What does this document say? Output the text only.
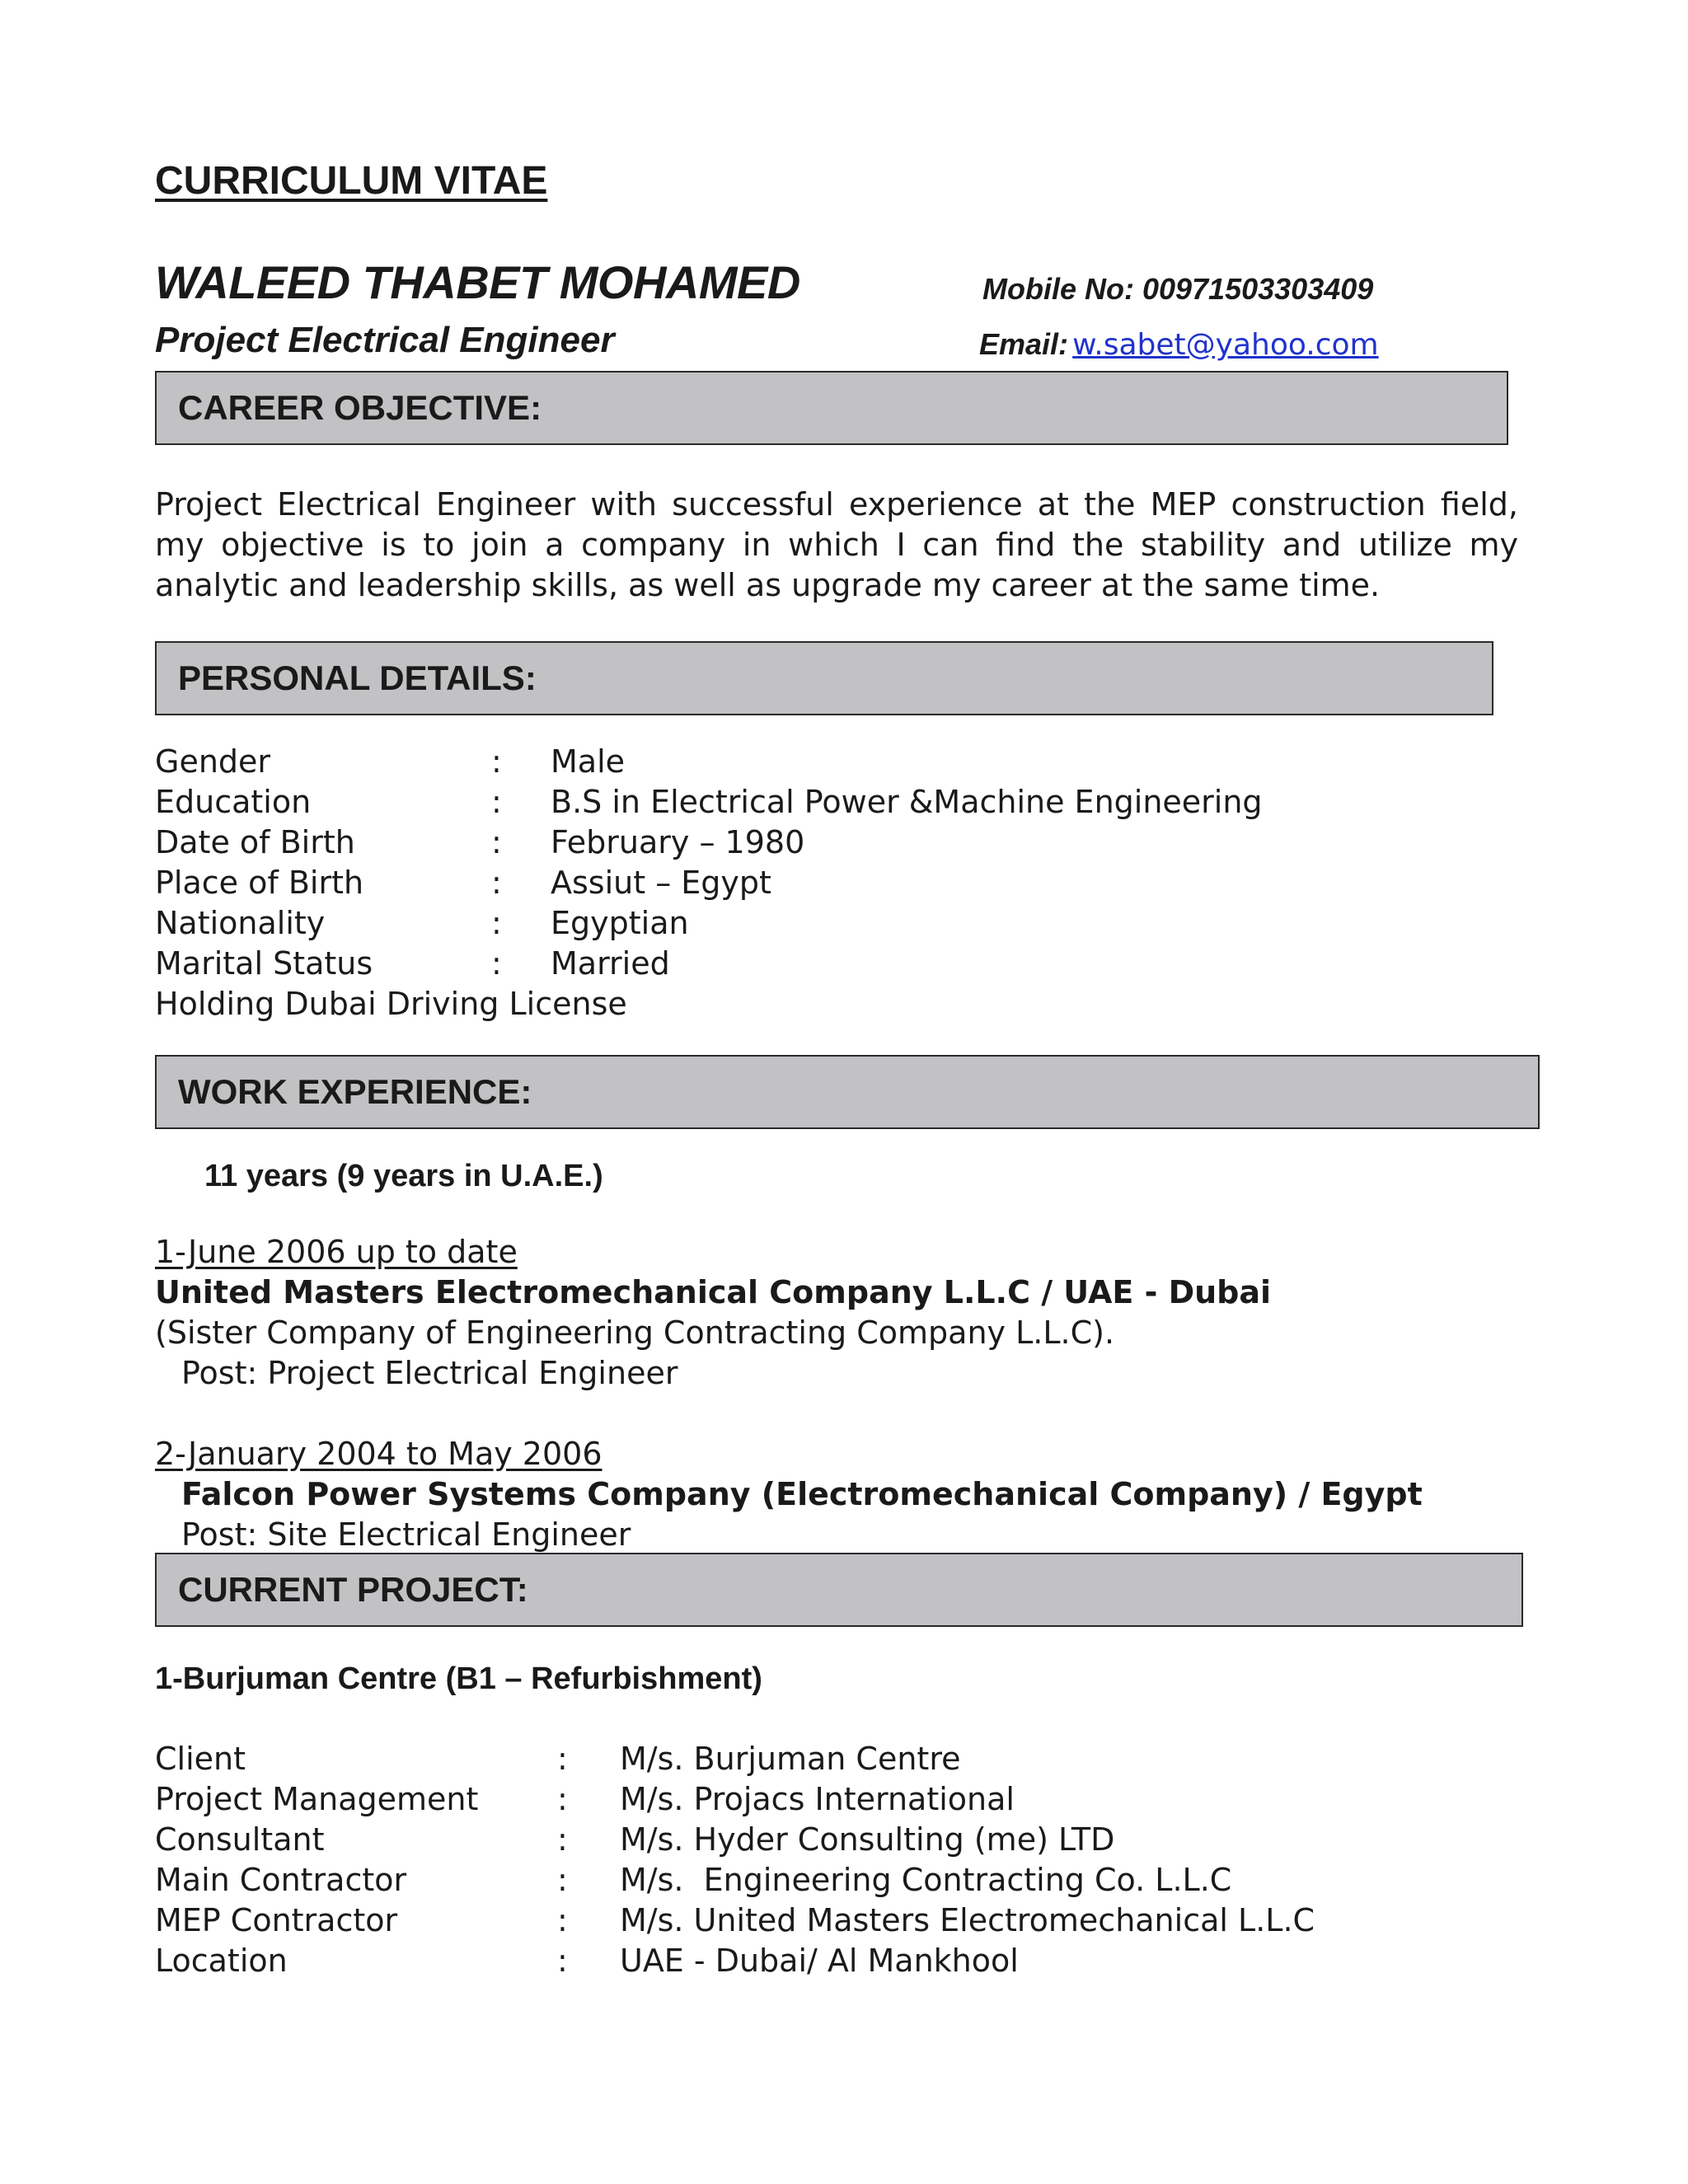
CURRICULUM VITAE
WALEED THABET MOHAMED
Project Electrical Engineer
Mobile No: 00971503303409
Email: w.sabet@yahoo.com
CAREER OBJECTIVE:
Project Electrical Engineer with successful experience at the MEP construction field, my objective is to join a company in which I can find the stability and utilize my analytic and leadership skills, as well as upgrade my career at the same time.
PERSONAL DETAILS:
Gender	: Male
Education	: B.S in Electrical Power &Machine Engineering
Date of Birth	: February – 1980
Place of Birth	: Assiut – Egypt
Nationality	: Egyptian
Marital Status	: Married
Holding Dubai Driving License
WORK EXPERIENCE:
11 years (9 years in U.A.E.)
1-June 2006 up to date
United Masters Electromechanical Company L.L.C / UAE - Dubai
(Sister Company of Engineering Contracting Company L.L.C).
Post: Project Electrical Engineer
2-January 2004 to May 2006
Falcon Power Systems Company (Electromechanical Company) / Egypt
Post: Site Electrical Engineer
CURRENT PROJECT:
1-Burjuman Centre (B1 – Refurbishment)
Client	: M/s. Burjuman Centre
Project Management	: M/s. Projacs International
Consultant	: M/s. Hyder Consulting (me) LTD
Main Contractor	: M/s.  Engineering Contracting Co. L.L.C
MEP Contractor	: M/s. United Masters Electromechanical L.L.C
Location	: UAE - Dubai/ Al Mankhool
